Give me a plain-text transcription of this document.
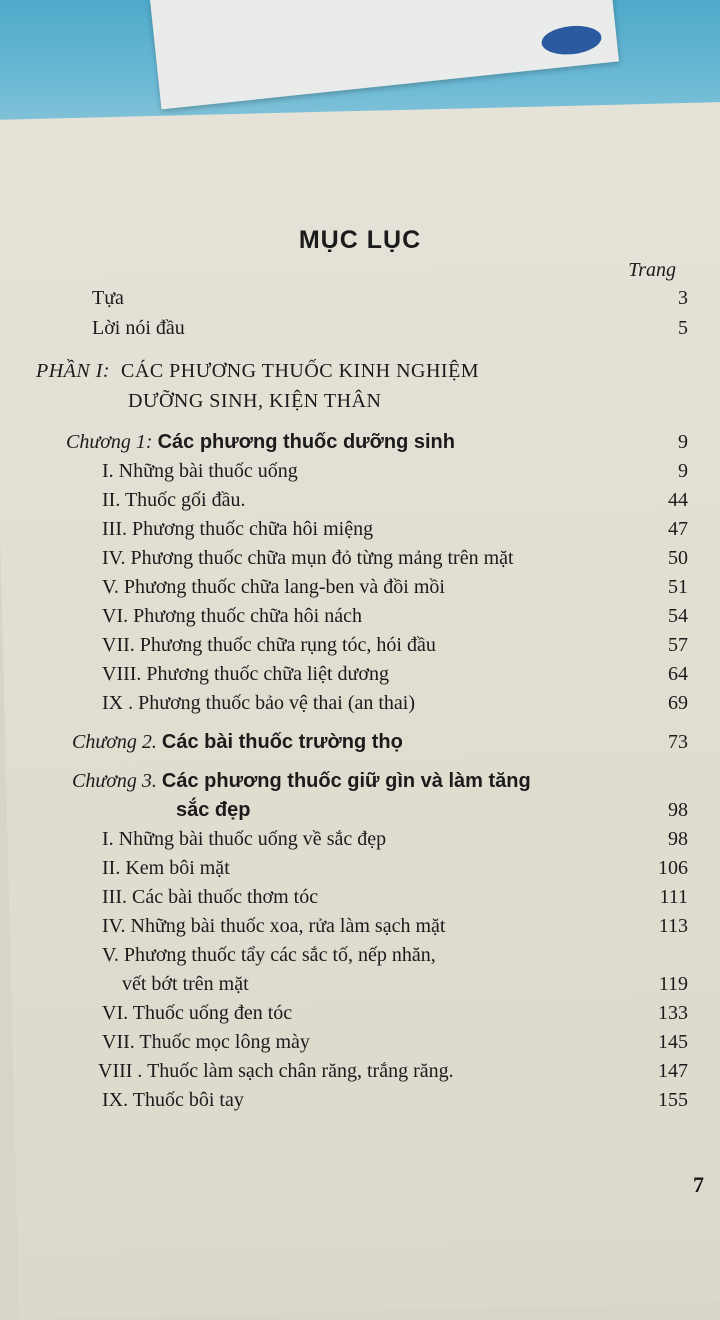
MỤC LỤC
Trang
Tựa	3
Lời nói đầu	5
PHẦN I: CÁC PHƯƠNG THUỐC KINH NGHIỆM
DƯỠNG SINH, KIỆN THÂN
Chương 1: Các phương thuốc dưỡng sinh	9
I. Những bài thuốc uống	9
II. Thuốc gối đầu.	44
III. Phương thuốc chữa hôi miệng	47
IV. Phương thuốc chữa mụn đỏ từng mảng trên mặt	50
V. Phương thuốc chữa lang-ben và đồi mồi	51
VI. Phương thuốc chữa hôi nách	54
VII. Phương thuốc chữa rụng tóc, hói đầu	57
VIII. Phương thuốc chữa liệt dương	64
IX . Phương thuốc bảo vệ thai (an thai)	69
Chương 2. Các bài thuốc trường thọ	73
Chương 3. Các phương thuốc giữ gìn và làm tăng
sắc đẹp	98
I. Những bài thuốc uống về sắc đẹp	98
II. Kem bôi mặt	106
III. Các bài thuốc thơm tóc	111
IV. Những bài thuốc xoa, rửa làm sạch mặt	113
V. Phương thuốc tẩy các sắc tố, nếp nhăn,
vết bớt trên mặt	119
VI. Thuốc uống đen tóc	133
VII. Thuốc mọc lông mày	145
VIII . Thuốc làm sạch chân răng, trắng răng.	147
IX. Thuốc bôi tay	155
7
